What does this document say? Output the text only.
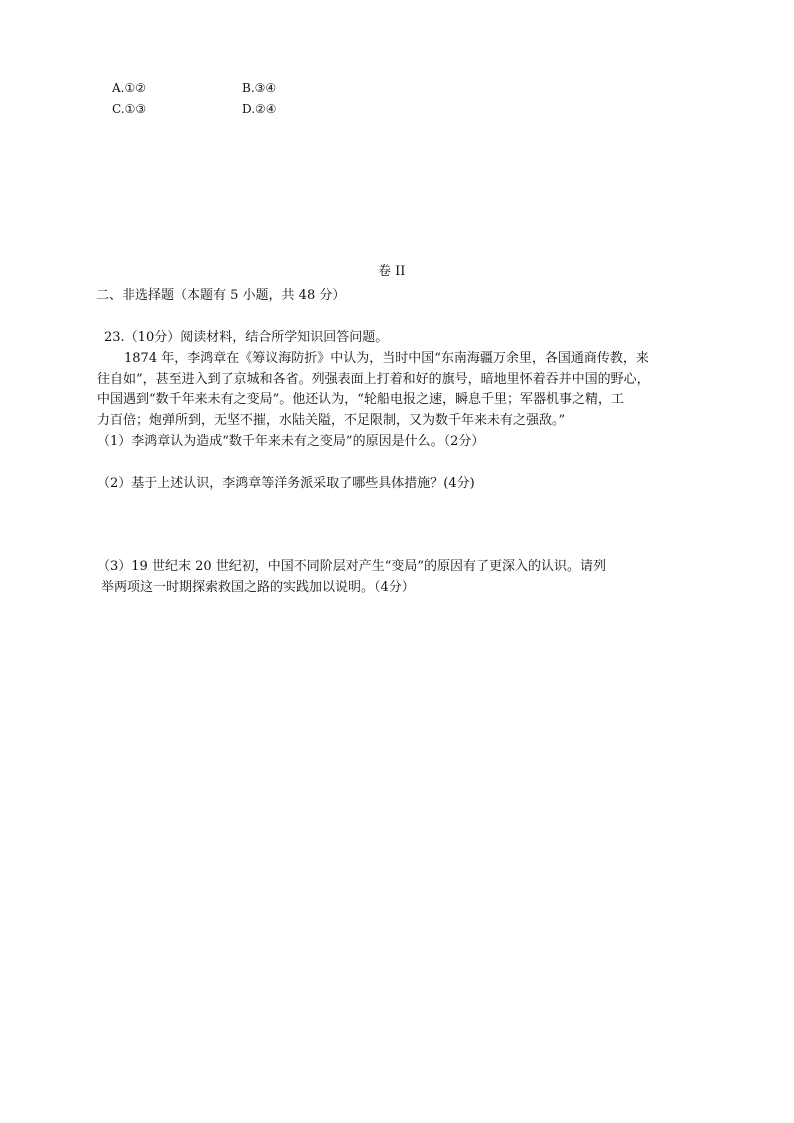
A.①②	B.③④
C.①③	D.②④
卷 II
二、非选择题（本题有 5 小题，共 48 分）
23.（10分）阅读材料，结合所学知识回答问题。
1874 年，李鸿章在《筹议海防折》中认为，当时中国“东南海疆万余里，各国通商传教，来
往自如”，甚至进入到了京城和各省。列强表面上打着和好的旗号，暗地里怀着吞并中国的野心，
中国遇到“数千年来未有之变局”。他还认为，“轮船电报之速，瞬息千里；军器机事之精，工
力百倍；炮弹所到，无坚不摧，水陆关隘，不足限制，又为数千年来未有之强敌。”
（1）李鸿章认为造成“数千年来未有之变局”的原因是什么。（2分）
（2）基于上述认识，李鸿章等洋务派采取了哪些具体措施？(4分)
（3）19 世纪末 20 世纪初，中国不同阶层对产生“变局”的原因有了更深入的认识。请列
举两项这一时期探索救国之路的实践加以说明。（4分）
